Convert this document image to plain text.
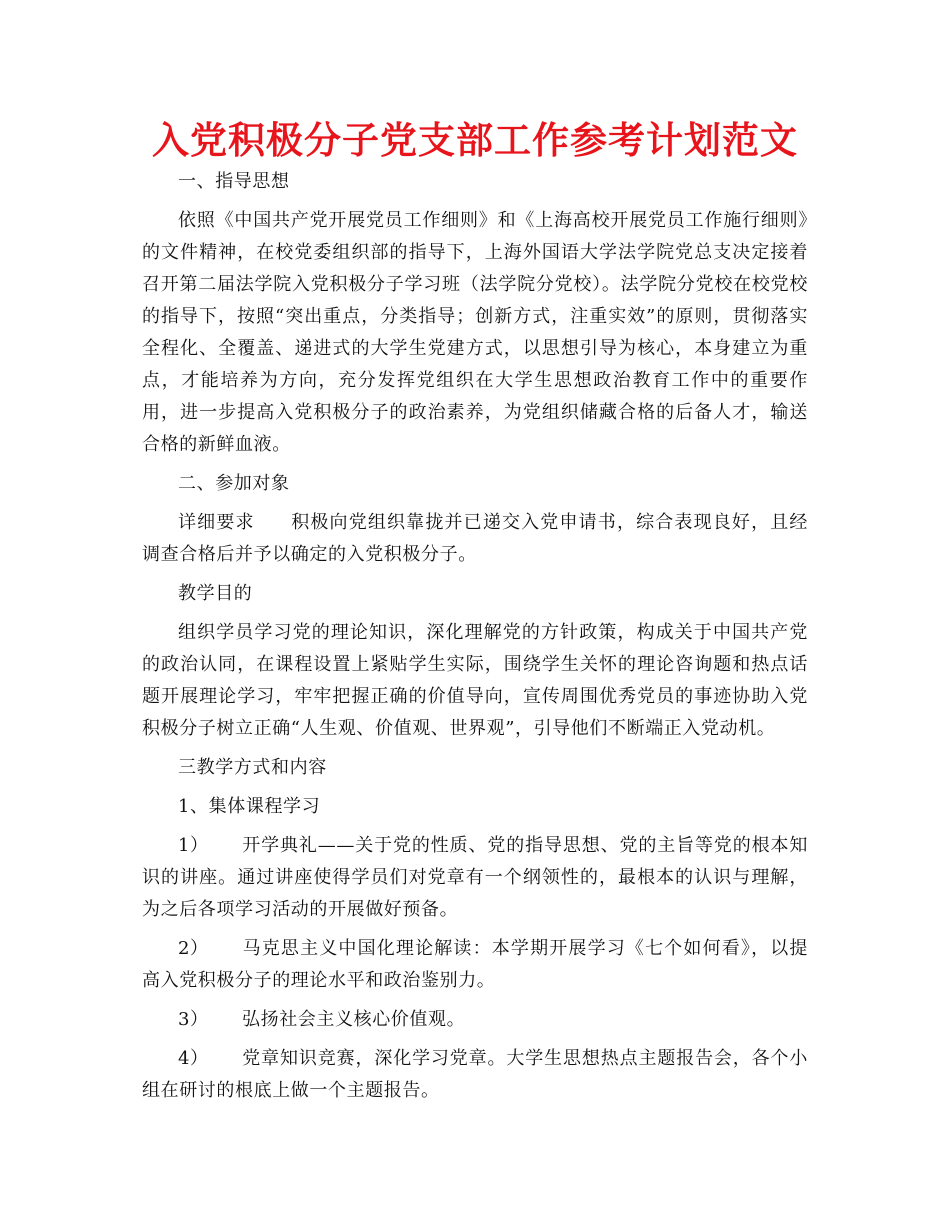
入党积极分子党支部工作参考计划范文

一、指导思想

依照《中国共产党开展党员工作细则》和《上海高校开展党员工作施行细则》的文件精神，在校党委组织部的指导下，上海外国语大学法学院党总支决定接着召开第二届法学院入党积极分子学习班（法学院分党校）。法学院分党校在校党校的指导下，按照“突出重点，分类指导；创新方式，注重实效”的原则，贯彻落实全程化、全覆盖、递进式的大学生党建方式，以思想引导为核心，本身建立为重点，才能培养为方向，充分发挥党组织在大学生思想政治教育工作中的重要作用，进一步提高入党积极分子的政治素养，为党组织储藏合格的后备人才，输送合格的新鲜血液。

二、参加对象

详细要求 积极向党组织靠拢并已递交入党申请书，综合表现良好，且经调查合格后并予以确定的入党积极分子。

教学目的

组织学员学习党的理论知识，深化理解党的方针政策，构成关于中国共产党的政治认同，在课程设置上紧贴学生实际，围绕学生关怀的理论咨询题和热点话题开展理论学习，牢牢把握正确的价值导向，宣传周围优秀党员的事迹协助入党积极分子树立正确“人生观、价值观、世界观”，引导他们不断端正入党动机。

三教学方式和内容

1、集体课程学习

1） 开学典礼——关于党的性质、党的指导思想、党的主旨等党的根本知识的讲座。通过讲座使得学员们对党章有一个纲领性的，最根本的认识与理解，为之后各项学习活动的开展做好预备。

2） 马克思主义中国化理论解读：本学期开展学习《七个如何看》，以提高入党积极分子的理论水平和政治鉴别力。

3） 弘扬社会主义核心价值观。

4） 党章知识竞赛，深化学习党章。大学生思想热点主题报告会，各个小组在研讨的根底上做一个主题报告。
